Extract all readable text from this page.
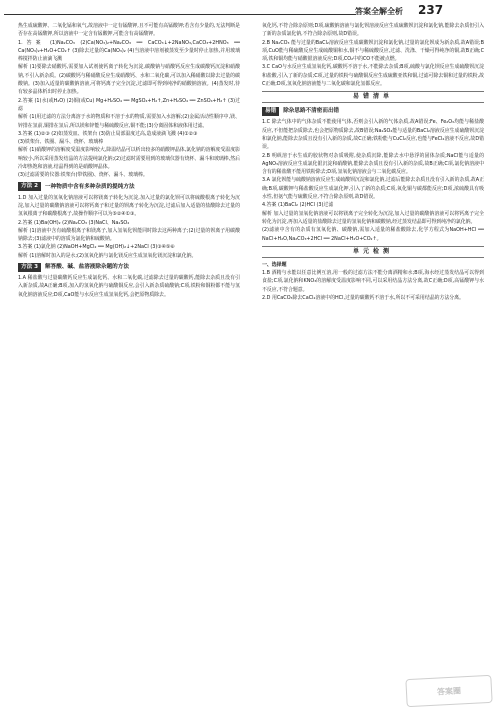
答案全解全析 237

热生成硫酸钾、二氧化锰和氧气,故溶液中一定有锰酸钾,且不可能有高锰酸钾;若含有少量的,无法判断是否存在高锰酸钾,所以溶液中一定含有锰酸钾,可能含有高锰酸钾。

1.答案 (1)Na₂CO₃ (2)Ca(NO₃)₂+Na₂CO₃ ══ CaCO₃↓+2NaNO₃,CaCO₃+2HNO₃ ══ Ca(NO₃)₂+H₂O+CO₂↑ (3)除去过量的Ca(NO₃)₂ (4)当溶液中溶剂被蒸发至少量时停止加热,并用玻璃棒搅拌防止液滴飞溅

解析 (1)要除去硝酸钙,需要加入试剂使钙离子转化为沉淀,碳酸钠与硝酸钙反应生成碳酸钙沉淀和硝酸钠,不引入新杂质。(2)碳酸钙与稀硝酸反应生成硝酸钙、水和二氧化碳,可以加入稀硝酸以除去过量的碳酸钠。(3)加入适量的碳酸钠溶液,可将钙离子完全沉淀,过滤即可得到纯净的硝酸钠溶液。(4)蒸发时,待有较多晶体析出时停止加热。

2.答案 (1)水(或H₂O) (2)铜(或Cu) Mg+H₂SO₄ ══ MgSO₄+H₂↑,Zn+H₂SO₄ ══ ZnSO₄+H₂↑ (3)过滤

解析 (1)用过滤的方法分离溶于水的物质和不溶于水的物质,需要加入水溶解;(2)金属活动性顺序中,镁、锌排在氢前,铜排在氢后,所以镁和锌能与稀硫酸反应,铜不能;(3)分离固体和液体用过滤。

3.答案 (1)②③ (2)如蒸发皿、铁架台 (3)防止局部温度过高,造成液滴飞溅 (4)①②③

(3)铁架台、铁圈、漏斗、烧杯、玻璃棒

解析 (1)硝酸钾的溶解度受温度影响较大,降温结晶可以析出较多的硝酸钾晶体,氯化钠的溶解度受温度影响较小,所以采用蒸发结晶的方法提纯氯化钠;(2)过滤时需要用到的玻璃仪器有烧杯、漏斗和玻璃棒,然后冷却热饱和溶液,结晶得到的是硝酸钾晶体。

(3)过滤需要的仪器:铁架台(带铁圈)、烧杯、漏斗、玻璃棒。

方法 2	一种物质中含有多种杂质的提纯方法

1.D 加入过量的氢氧化钠溶液可以将镁离子转化为沉淀,加入过量的氯化钡可以将硫酸根离子转化为沉淀,加入过量的碳酸钠溶液可以将钙离子和过量的钡离子转化为沉淀,过滤后加入适量的盐酸除去过量的氢氧根离子和碳酸根离子,故操作顺序可以为⑤②④①③。

2.答案 (1)Ba(OH)₂ (2)Na₂CO₃ (3)NaCl、Na₂SO₄

解析 (1)溶液中含有硫酸根离子和镁离子,加入氢氧化钡能同时除去这两种离子;(2)过量的钡离子用碳酸钠除去;(3)滤液中的溶质为氯化钠和硫酸钠。

3.答案 (1)氯化钠 (2)NaOH+MgCl₂ ══ Mg(OH)₂↓+2NaCl (3)③④⑤⑥

解析 (1)溶解时加入的是水;(2)氢氧化钠与氯化镁反应生成氢氧化镁沉淀和氯化钠。

方法 3	解答酸、碱、盐溶液除杂题的方法

1.A 稀盐酸与过量碳酸钙反应生成氯化钙、水和二氧化碳,过滤除去过量的碳酸钙,能除去杂质且没有引入新杂质,故A正确;B项,加入的氢氧化钠与硫酸铜反应,会引入新杂质硫酸钠;C项,铁粉和铜粉都不能与氢氧化钠溶液反应;D项,CaO能与水反应生成氢氧化钙,会把原物质除去。

氧化钙,不符合除杂原则;D项,硫酸钠溶液与氯化钡溶液反应生成硫酸钡沉淀和氯化钠,能除去杂质但引入了新的杂质氯化钠,不符合除杂原则,故D错误。

2.B Na₂CO₃ 能与过量的BaCl₂溶液反应生成碳酸钡沉淀和氯化钠,过量的氯化钡成为新杂质,故A错误;B项,CuO能与稀硫酸反应生成硫酸铜和水,铜不与稀硫酸反应,过滤、洗涤、干燥可得纯净的铜,故B正确;C项,铁和铜均能与硝酸银溶液反应;D项,CO₂中的CO不能被点燃。

3.C CaO与水反应生成氢氧化钙,碳酸钙不溶于水,不能除去杂质;B项,硫酸与氯化钡反应生成硫酸钡沉淀和盐酸,引入了新的杂质;C项,过量的铁粉与硫酸铜反应生成硫酸亚铁和铜,过滤可除去铜和过量的铁粉,故C正确;D项,氢氧化钠溶液能与二氧化碳和氯化氢都反应。

易错清单
易错	除杂思路不清密而出错

1.C 除去气体中的气体杂质不能使用气体,否则会引入新的气体杂质,故A错误;Fe、Fe₂O₃均能与稀盐酸反应,不但能把杂质除去,也会把原物质除去,故B错误;Na₂SO₄能与适量的BaCl₂溶液反应生成硫酸钡沉淀和氯化钠,能除去杂质且没有引入新的杂质,故C正确;铁粉能与CuCl₂反应,也能与FeCl₂溶液不反应,故D错误。

2.B 明矾溶于水生成的胶状物对杂质吸附,使杂质沉降,能除去水中悬浮的固体杂质;NaCl能与适量的AgNO₃溶液反应生成氯化银沉淀和硝酸钠,能除去杂质且没有引入新的杂质,故B正确;C项,氯化钠溶液中含有的稀盐酸不能用铁粉除去;D项,氢氧化钠溶液会与二氧化碳反应。

3.A 氯化钡能与硫酸钠溶液反应生成硫酸钡沉淀和氯化钠,过滤后能除去杂质且没有引入新的杂质,故A正确;B项,碳酸钾与稀盐酸反应生成氯化钾,引入了新的杂质;C项,氧化铜与碳都能反应;D项,浓硫酸具有吸水性,但氨气能与硫酸反应,不符合除杂原则,故D错误。

4.答案 (1)BaCl₂ (2)HCl (3)过滤

解析 加入过量的氢氧化钠溶液可以将镁离子完全转化为沉淀,加入过量的碳酸钠溶液可以将钙离子完全转化为沉淀,再加入适量的盐酸除去过量的氢氧化钠和碳酸钠,经过蒸发结晶即可得到纯净的氯化钠。

(2)滤液中含有的杂质有氢氧化钠、碳酸钠,需加入适量的稀盐酸除去,化学方程式为NaOH+HCl ══ NaCl+H₂O,Na₂CO₃+2HCl ══ 2NaCl+H₂O+CO₂↑。

单元检测

一、选择题

1.B 酒精与水能以任意比例互溶,用一般的过滤方法不能分离酒精和水;B项,海水经过蒸发结晶可以得到食盐;C项,氯化钠和KNO₃的溶解度受温度影响不同,可以采用结晶方法分离,故C正确;D项,高锰酸钾与水不反应,不符合题意。

2.D 用CaCO₃除去CaCl₂溶液中的HCl,过量的碳酸钙不溶于水,所以不可采用结晶的方法分离。

答案圈
